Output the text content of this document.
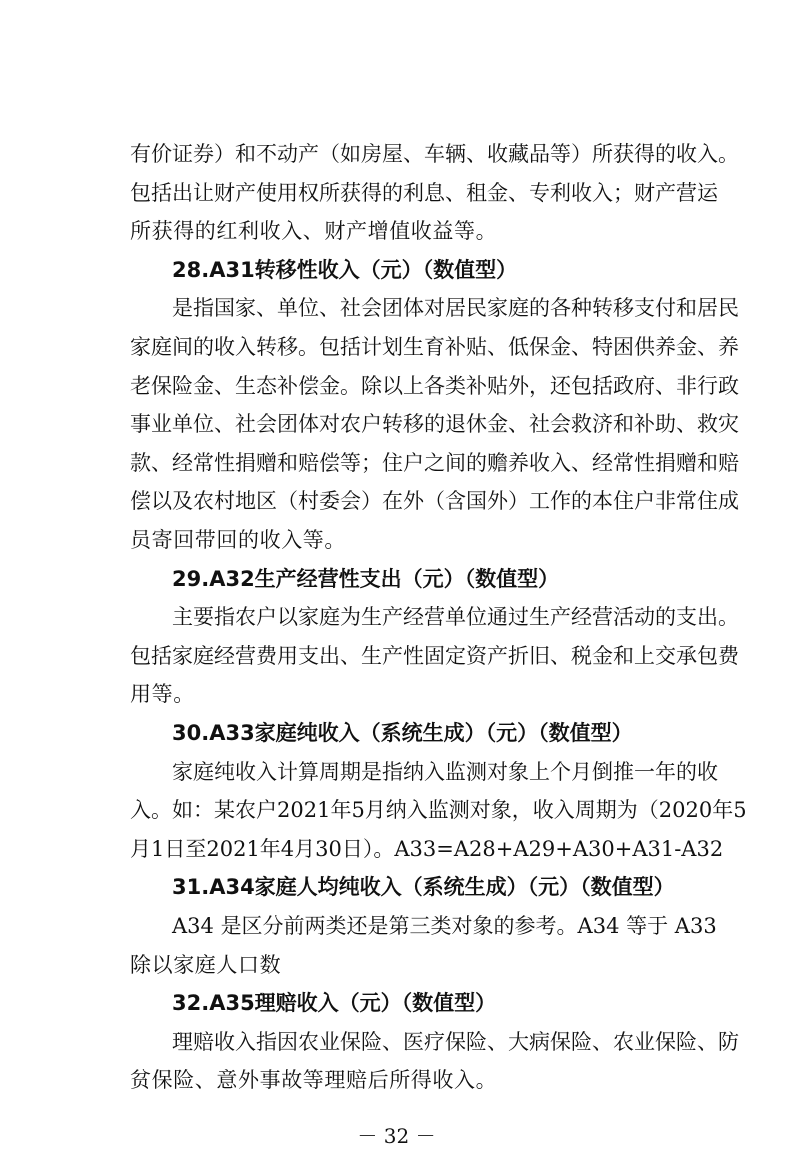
有价证券）和不动产（如房屋、车辆、收藏品等）所获得的收入。
包括出让财产使用权所获得的利息、租金、专利收入；财产营运
所获得的红利收入、财产增值收益等。
28.A31转移性收入（元）（数值型）
是指国家、单位、社会团体对居民家庭的各种转移支付和居民
家庭间的收入转移。包括计划生育补贴、低保金、特困供养金、养
老保险金、生态补偿金。除以上各类补贴外，还包括政府、非行政
事业单位、社会团体对农户转移的退休金、社会救济和补助、救灾
款、经常性捐赠和赔偿等；住户之间的赡养收入、经常性捐赠和赔
偿以及农村地区（村委会）在外（含国外）工作的本住户非常住成
员寄回带回的收入等。
29.A32生产经营性支出（元）（数值型）
主要指农户以家庭为生产经营单位通过生产经营活动的支出。
包括家庭经营费用支出、生产性固定资产折旧、税金和上交承包费
用等。
30.A33家庭纯收入（系统生成）（元）（数值型）
家庭纯收入计算周期是指纳入监测对象上个月倒推一年的收
入。如：某农户2021年5月纳入监测对象，收入周期为（2020年5
月1日至2021年4月30日）。A33=A28+A29+A30+A31-A32
31.A34家庭人均纯收入（系统生成）（元）（数值型）
A34 是区分前两类还是第三类对象的参考。A34 等于 A33
除以家庭人口数
32.A35理赔收入（元）（数值型）
－ 32 －
理赔收入指因农业保险、医疗保险、大病保险、农业保险、防
贫保险、意外事故等理赔后所得收入。
